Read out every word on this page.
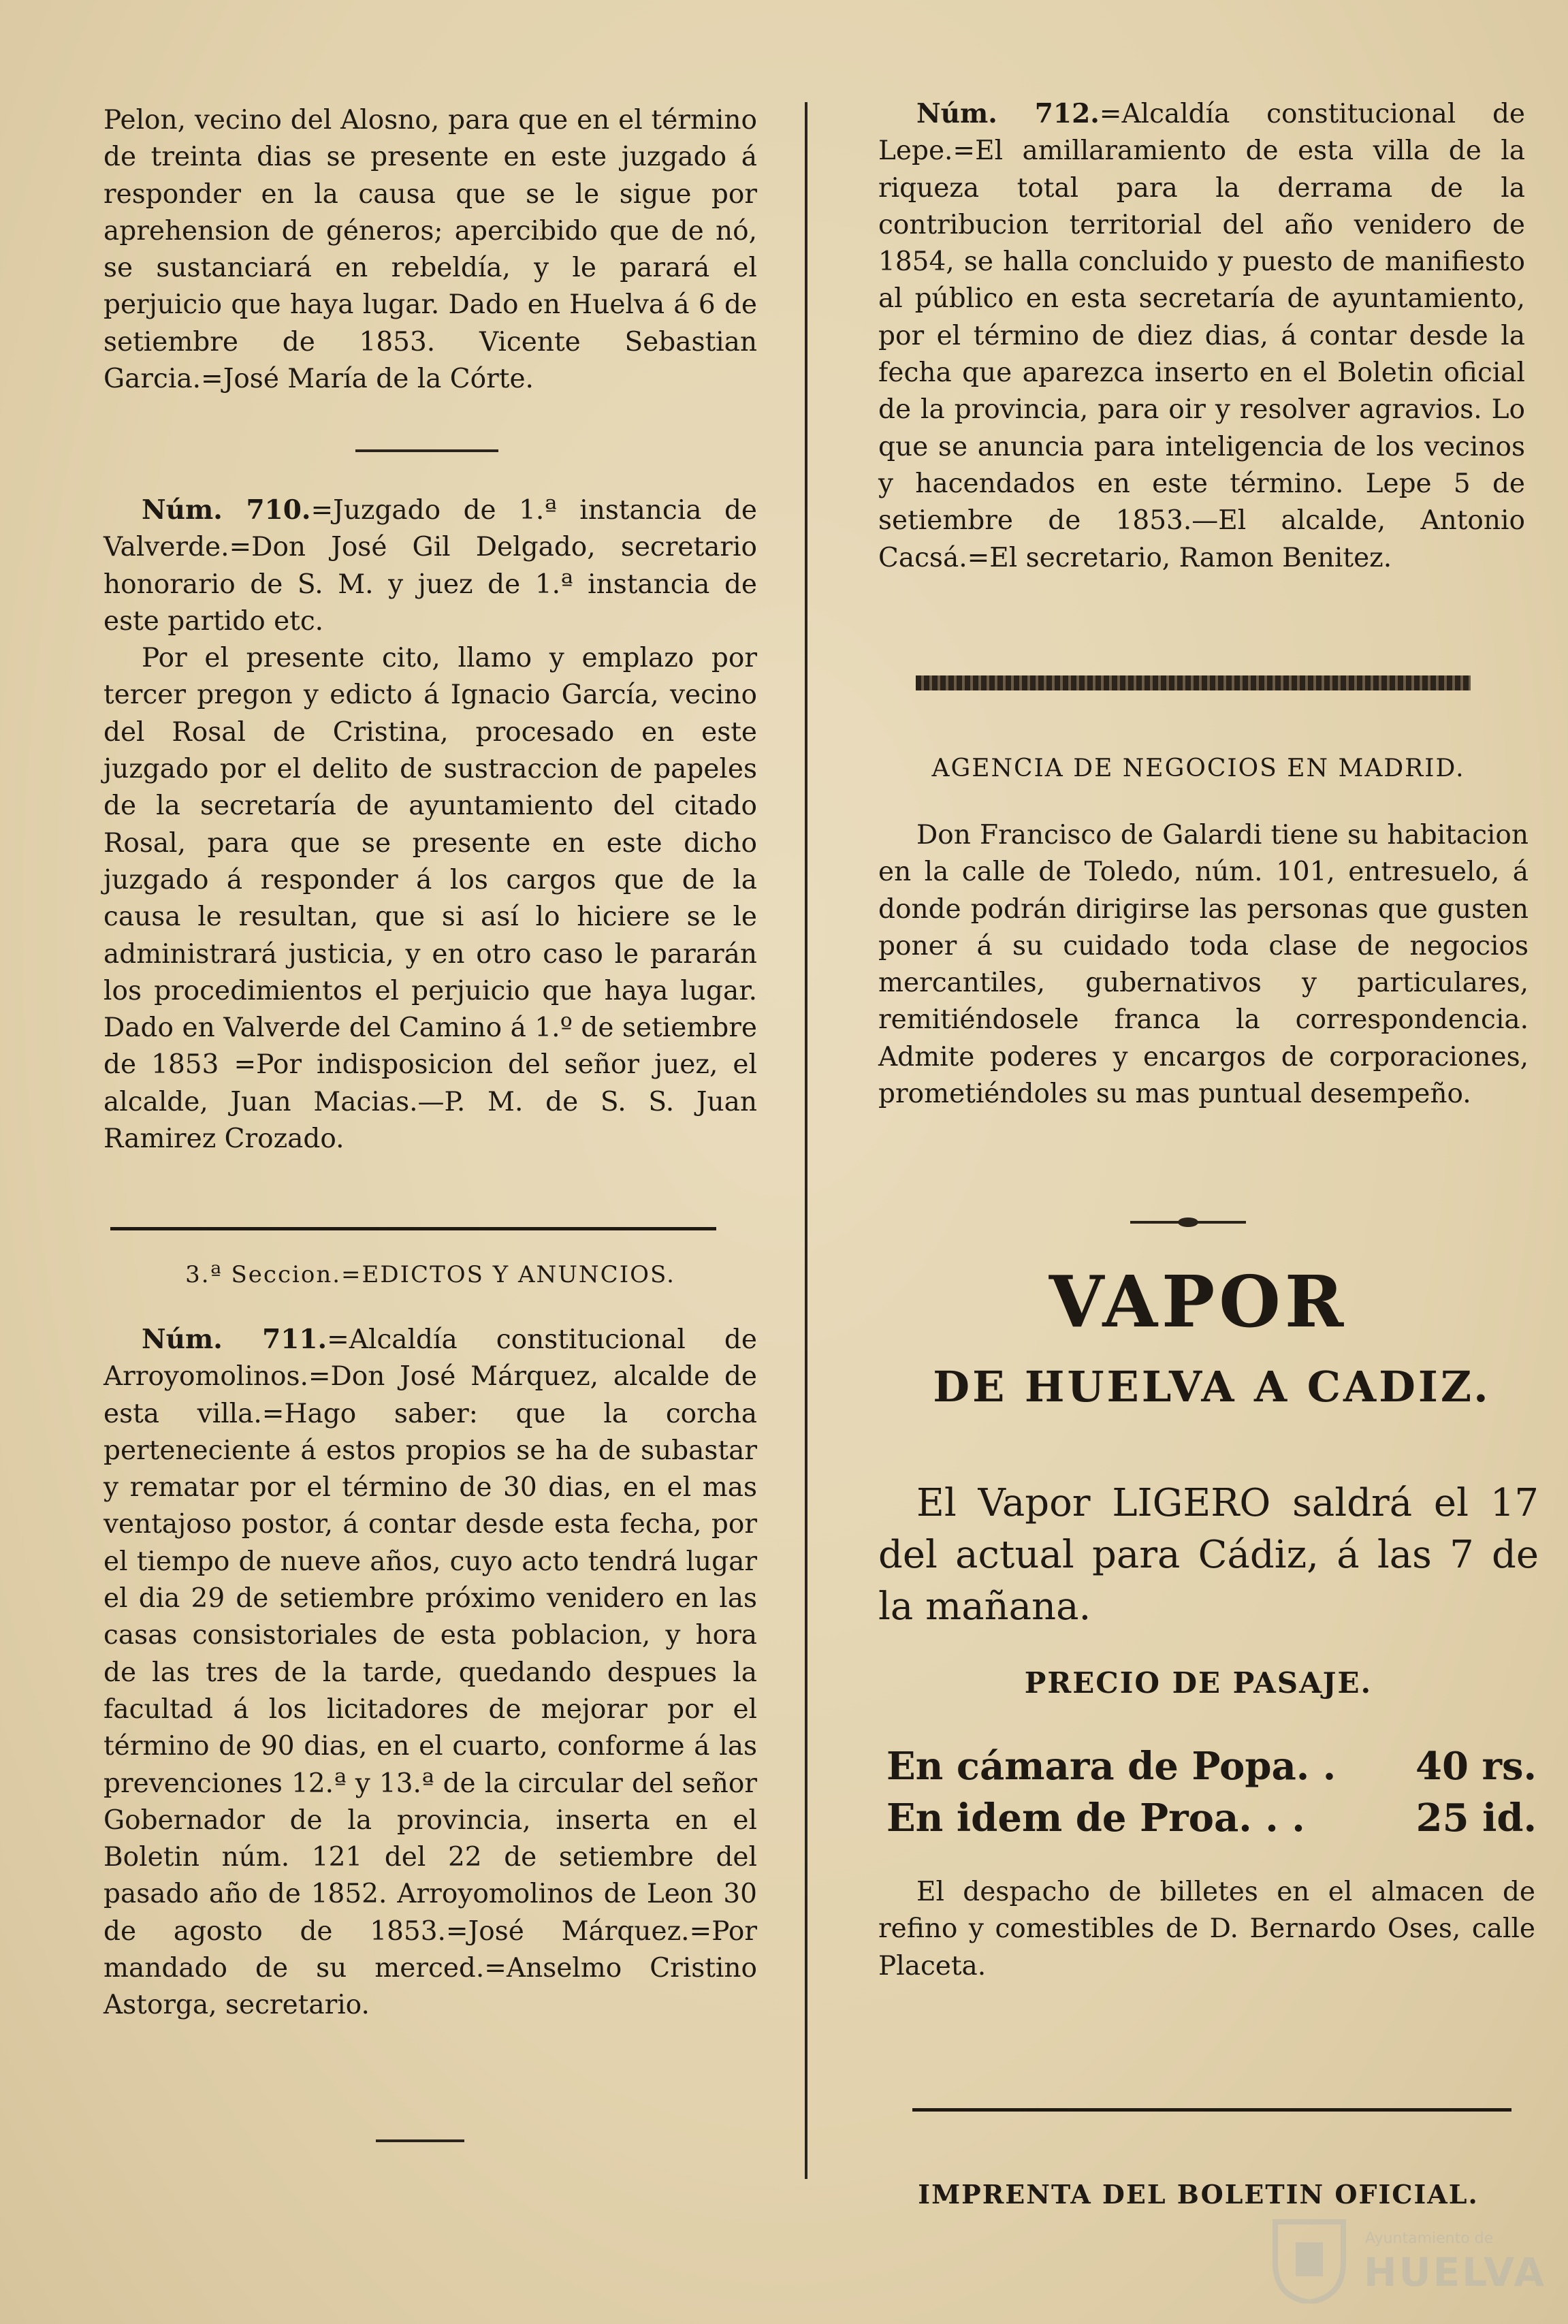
Pelon, vecino del Alosno, para que en el término de treinta dias se presente en este juzgado á responder en la causa que se le sigue por aprehension de géneros; apercibido que de nó, se sustanciará en rebeldía, y le parará el perjuicio que haya lugar. Dado en Huelva á 6 de setiembre de 1853. Vicente Sebastian Garcia.=José María de la Córte.

Núm. 710.=Juzgado de 1.ª instancia de Valverde.=Don José Gil Delgado, secretario honorario de S. M. y juez de 1.ª instancia de este partido etc.

Por el presente cito, llamo y emplazo por tercer pregon y edicto á Ignacio García, vecino del Rosal de Cristina, procesado en este juzgado por el delito de sustraccion de papeles de la secretaría de ayuntamiento del citado Rosal, para que se presente en este dicho juzgado á responder á los cargos que de la causa le resultan, que si así lo hiciere se le administrará justicia, y en otro caso le pararán los procedimientos el perjuicio que haya lugar. Dado en Valverde del Camino á 1.º de setiembre de 1853 =Por indisposicion del señor juez, el alcalde, Juan Macias.—P. M. de S. S. Juan Ramirez Crozado.

3.ª Seccion.=EDICTOS Y ANUNCIOS.

Núm. 711.=Alcaldía constitucional de Arroyomolinos.=Don José Márquez, alcalde de esta villa.=Hago saber: que la corcha perteneciente á estos propios se ha de subastar y rematar por el término de 30 dias, en el mas ventajoso postor, á contar desde esta fecha, por el tiempo de nueve años, cuyo acto tendrá lugar el dia 29 de setiembre próximo venidero en las casas consistoriales de esta poblacion, y hora de las tres de la tarde, quedando despues la facultad á los licitadores de mejorar por el término de 90 dias, en el cuarto, conforme á las prevenciones 12.ª y 13.ª de la circular del señor Gobernador de la provincia, inserta en el Boletin núm. 121 del 22 de setiembre del pasado año de 1852. Arroyomolinos de Leon 30 de agosto de 1853.=José Márquez.=Por mandado de su merced.=Anselmo Cristino Astorga, secretario.

Núm. 712.=Alcaldía constitucional de Lepe.=El amillaramiento de esta villa de la riqueza total para la derrama de la contribucion territorial del año venidero de 1854, se halla concluido y puesto de manifiesto al público en esta secretaría de ayuntamiento, por el término de diez dias, á contar desde la fecha que aparezca inserto en el Boletin oficial de la provincia, para oir y resolver agravios. Lo que se anuncia para inteligencia de los vecinos y hacendados en este término. Lepe 5 de setiembre de 1853.—El alcalde, Antonio Cacsá.=El secretario, Ramon Benitez.

AGENCIA DE NEGOCIOS EN MADRID.

Don Francisco de Galardi tiene su habitacion en la calle de Toledo, núm. 101, entresuelo, á donde podrán dirigirse las personas que gusten poner á su cuidado toda clase de negocios mercantiles, gubernativos y particulares, remitiéndosele franca la correspondencia. Admite poderes y encargos de corporaciones, prometiéndoles su mas puntual desempeño.

VAPOR
DE HUELVA A CADIZ.

El Vapor LIGERO saldrá el 17 del actual para Cádiz, á las 7 de la mañana.

PRECIO DE PASAJE.
En cámara de Popa. . 40 rs.
En idem de Proa. . .	25 id.

El despacho de billetes en el almacen de refino y comestibles de D. Bernardo Oses, calle Placeta.

IMPRENTA DEL BOLETIN OFICIAL.
Ayuntamiento de
HUELVA
